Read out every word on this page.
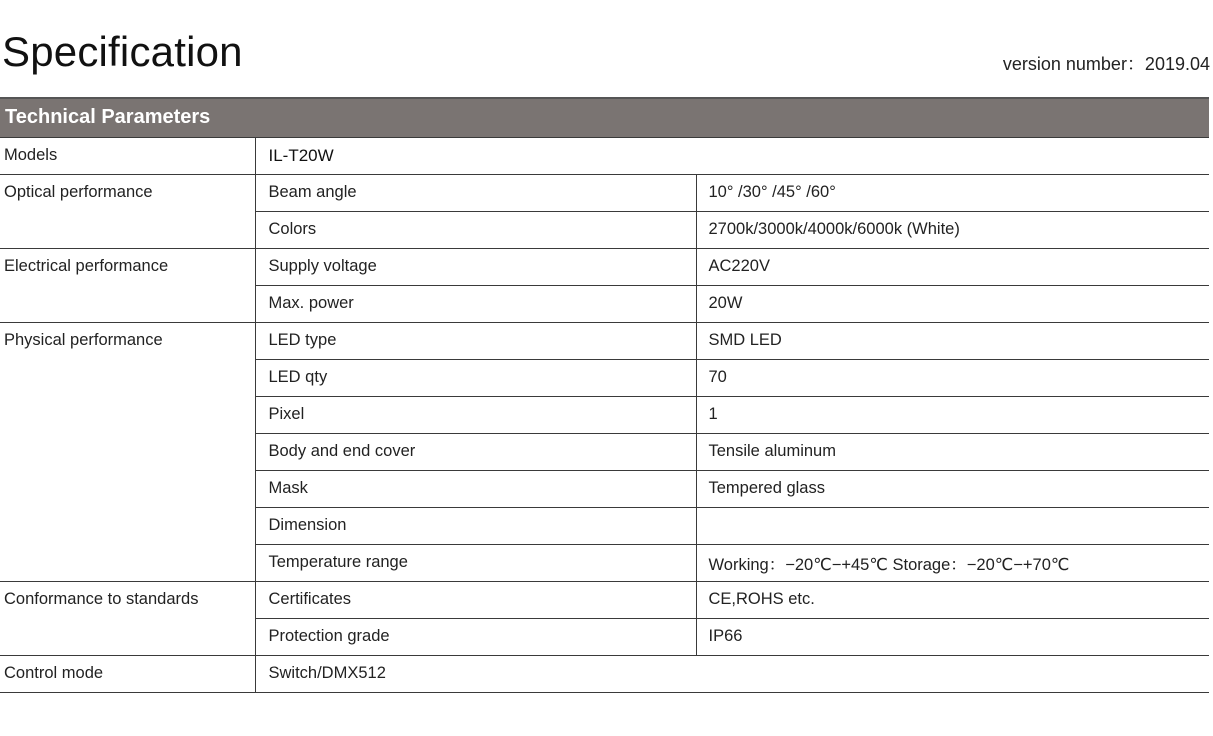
Specification	version number：2019.04
Technical Parameters		
Models	IL-T20W	
Optical performance	Beam angle	10° /30° /45° /60°
	Colors	2700k/3000k/4000k/6000k (White)
Electrical performance	Supply voltage	AC220V
	Max. power	20W
Physical performance	LED type	SMD LED
	LED qty	70
	Pixel	1
	Body and end cover	Tensile aluminum
	Mask	Tempered glass
	Dimension	
	Temperature range	Working：−20℃−+45℃ Storage：−20℃−+70℃
Conformance to standards	Certificates	CE,ROHS etc.
	Protection grade	IP66
Control mode	Switch/DMX512	
